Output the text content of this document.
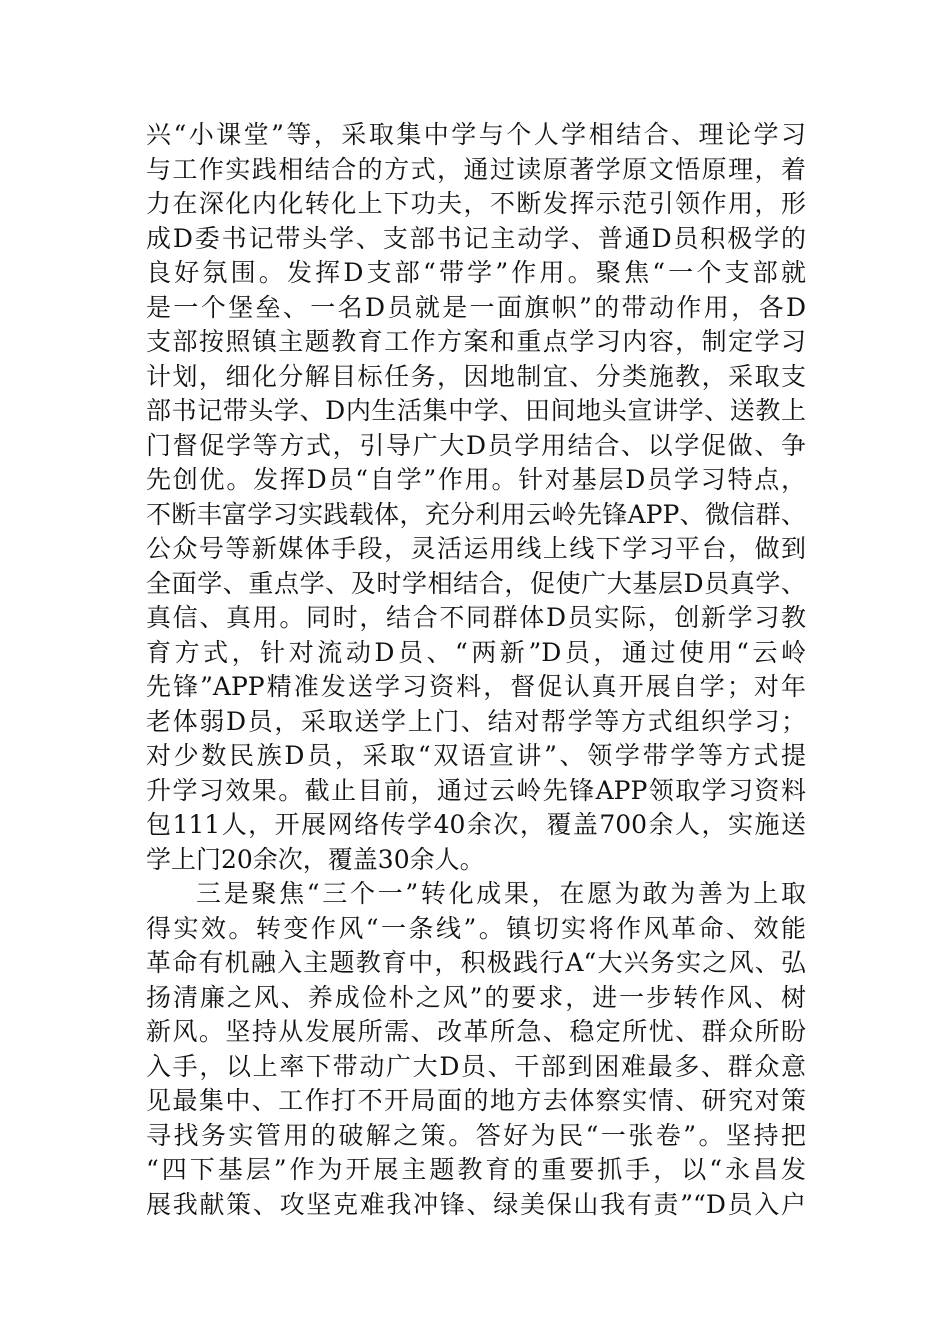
兴“小课堂”等，采取集中学与个人学相结合、理论学习
与工作实践相结合的方式，通过读原著学原文悟原理，着
力在深化内化转化上下功夫，不断发挥示范引领作用，形
成D委书记带头学、支部书记主动学、普通D员积极学的
良好氛围。发挥D支部“带学”作用。聚焦“一个支部就
是一个堡垒、一名D员就是一面旗帜”的带动作用，各D
支部按照镇主题教育工作方案和重点学习内容，制定学习
计划，细化分解目标任务，因地制宜、分类施教，采取支
部书记带头学、D内生活集中学、田间地头宣讲学、送教上
门督促学等方式，引导广大D员学用结合、以学促做、争
先创优。发挥D员“自学”作用。针对基层D员学习特点，
不断丰富学习实践载体，充分利用云岭先锋APP、微信群、
公众号等新媒体手段，灵活运用线上线下学习平台，做到
全面学、重点学、及时学相结合，促使广大基层D员真学、
真信、真用。同时，结合不同群体D员实际，创新学习教
育方式，针对流动D员、“两新”D员，通过使用“云岭
先锋”APP精准发送学习资料，督促认真开展自学；对年
老体弱D员，采取送学上门、结对帮学等方式组织学习；
对少数民族D员，采取“双语宣讲”、领学带学等方式提
升学习效果。截止目前，通过云岭先锋APP领取学习资料
包111人，开展网络传学40余次，覆盖700余人，实施送
学上门20余次，覆盖30余人。
三是聚焦“三个一”转化成果，在愿为敢为善为上取
得实效。转变作风“一条线”。镇切实将作风革命、效能
革命有机融入主题教育中，积极践行A“大兴务实之风、弘
扬清廉之风、养成俭朴之风”的要求，进一步转作风、树
新风。坚持从发展所需、改革所急、稳定所忧、群众所盼
入手，以上率下带动广大D员、干部到困难最多、群众意
见最集中、工作打不开局面的地方去体察实情、研究对策
寻找务实管用的破解之策。答好为民“一张卷”。坚持把
“四下基层”作为开展主题教育的重要抓手，以“永昌发
展我献策、攻坚克难我冲锋、绿美保山我有责”“D员入户
